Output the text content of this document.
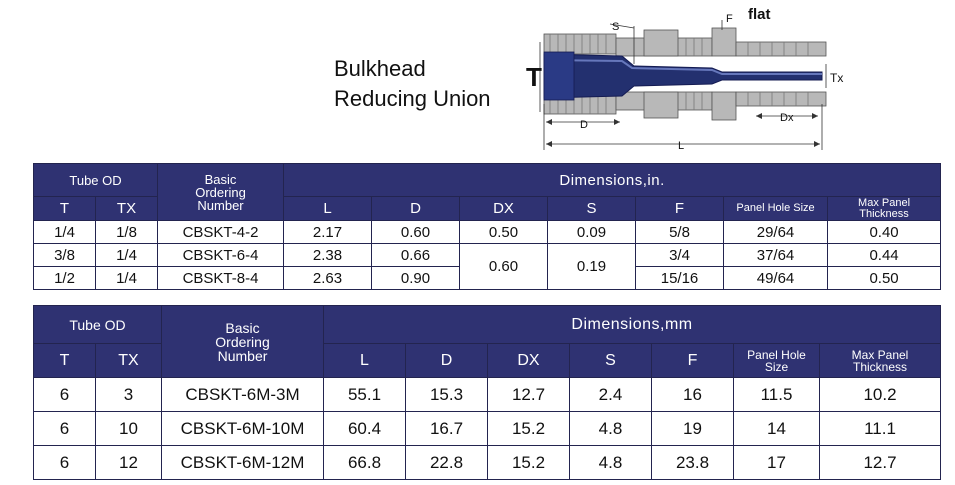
Bulkhead
Reducing Union
S
F flat
T	Tx
D
Dx
L
Tube OD		Basic Ordering Number	Dimensions,in.						
T	TX		L	D	DX	S	F	Panel Hole Size	Max Panel Thickness
1/4	1/8	CBSKT-4-2	2.17	0.60	0.50	0.09	5/8	29/64	0.40
3/8	1/4	CBSKT-6-4	2.38	0.66	0.60	0.19	3/4	37/64	0.44
1/2	1/4	CBSKT-8-4	2.63	0.90			15/16	49/64	0.50
Tube OD		Basic Ordering Number	Dimensions,mm						
T	TX		L	D	DX	S	F	Panel Hole Size	Max Panel Thickness
6	3	CBSKT-6M-3M	55.1	15.3	12.7	2.4	16	11.5	10.2
6	10	CBSKT-6M-10M	60.4	16.7	15.2	4.8	19	14	11.1
6	12	CBSKT-6M-12M	66.8	22.8	15.2	4.8	23.8	17	12.7
